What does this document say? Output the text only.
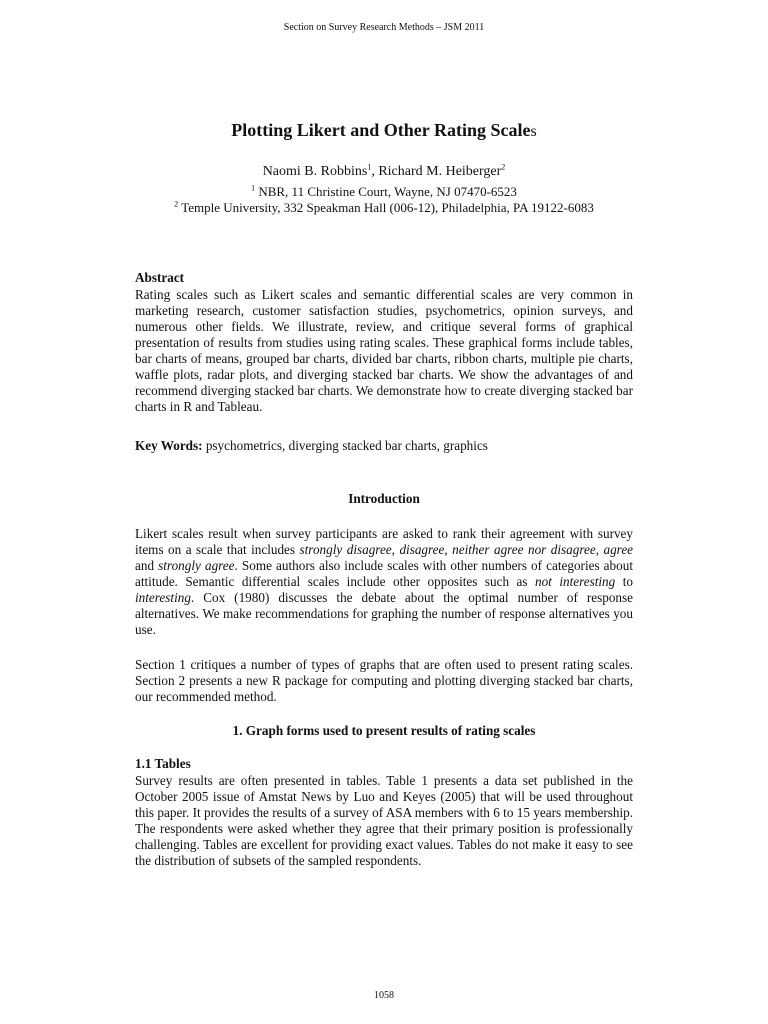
Section on Survey Research Methods – JSM 2011
Plotting Likert and Other Rating Scales
Naomi B. Robbins$^1$, Richard M. Heiberger$^2$
$^1$ NBR, 11 Christine Court, Wayne, NJ 07470-6523
$^2$ Temple University, 332 Speakman Hall (006-12), Philadelphia, PA 19122-6083
Abstract
Rating scales such as Likert scales and semantic differential scales are very common in marketing research, customer satisfaction studies, psychometrics, opinion surveys, and numerous other fields. We illustrate, review, and critique several forms of graphical presentation of results from studies using rating scales. These graphical forms include tables, bar charts of means, grouped bar charts, divided bar charts, ribbon charts, multiple pie charts, waffle plots, radar plots, and diverging stacked bar charts. We show the advantages of and recommend diverging stacked bar charts. We demonstrate how to create diverging stacked bar charts in R and Tableau.
Key Words: psychometrics, diverging stacked bar charts, graphics
Introduction
Likert scales result when survey participants are asked to rank their agreement with survey items on a scale that includes strongly disagree, disagree, neither agree nor disagree, agree and strongly agree. Some authors also include scales with other numbers of categories about attitude. Semantic differential scales include other opposites such as not interesting to interesting. Cox (1980) discusses the debate about the optimal number of response alternatives. We make recommendations for graphing the number of response alternatives you use.
Section 1 critiques a number of types of graphs that are often used to present rating scales. Section 2 presents a new R package for computing and plotting diverging stacked bar charts, our recommended method.
1. Graph forms used to present results of rating scales
1.1 Tables
Survey results are often presented in tables. Table 1 presents a data set published in the October 2005 issue of Amstat News by Luo and Keyes (2005) that will be used throughout this paper. It provides the results of a survey of ASA members with 6 to 15 years membership. The respondents were asked whether they agree that their primary position is professionally challenging. Tables are excellent for providing exact values. Tables do not make it easy to see the distribution of subsets of the sampled respondents.
1058
